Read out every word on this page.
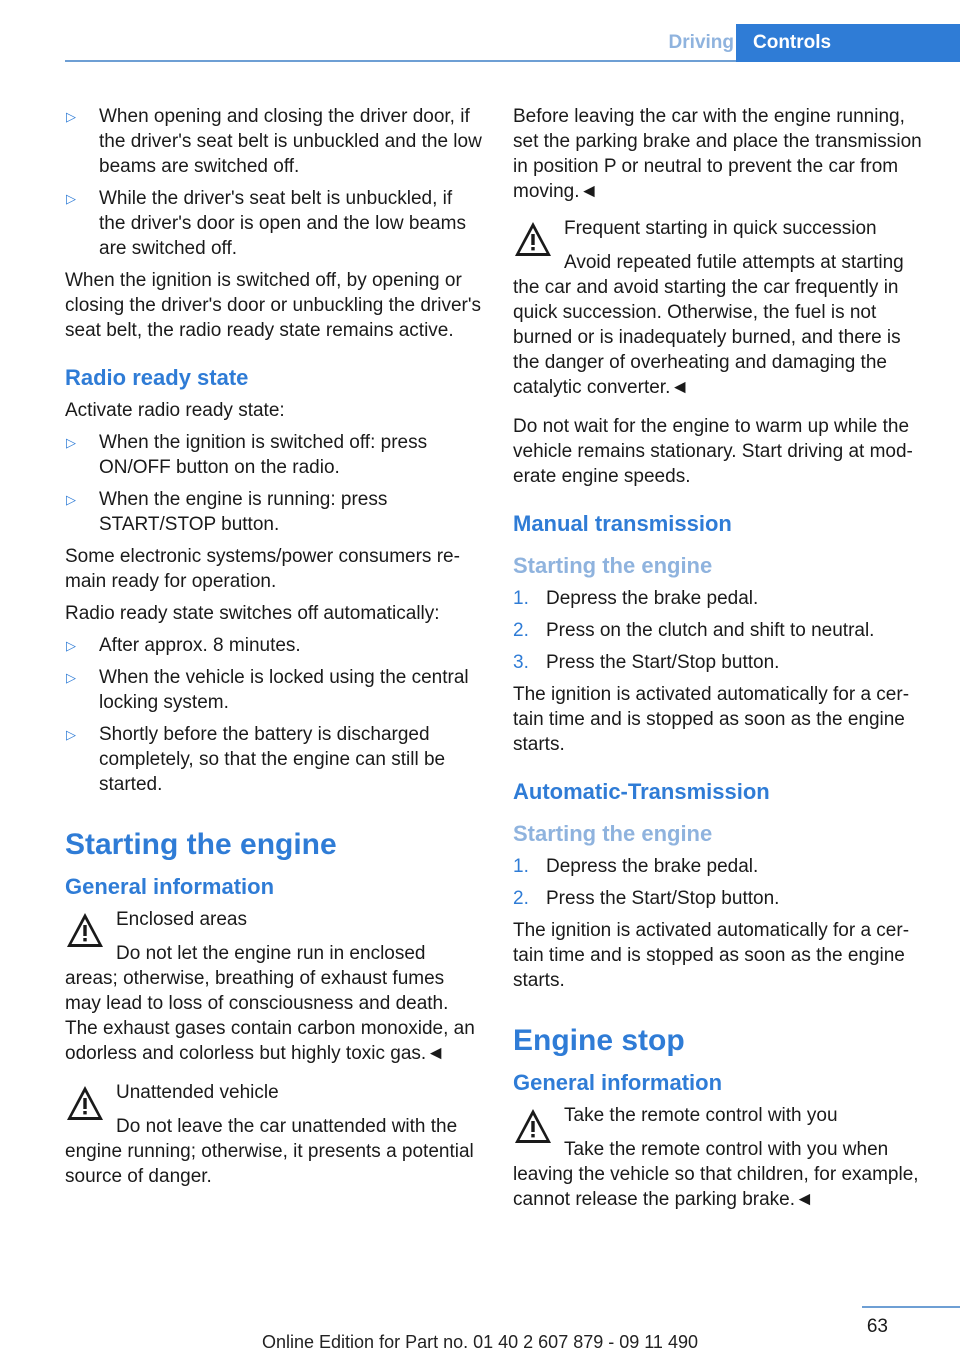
Driving	Controls
▷	When opening and closing the driver door, if the driver's seat belt is unbuckled and the low beams are switched off.
▷	While the driver's seat belt is unbuckled, if the driver's door is open and the low beams are switched off.

When the ignition is switched off, by opening or closing the driver's door or unbuckling the driver's seat belt, the radio ready state remains active.

Radio ready state

Activate radio ready state:

▷	When the ignition is switched off: press ON/OFF button on the radio.
▷	When the engine is running: press START/STOP button.

Some electronic systems/power consumers remain ready for operation.

Radio ready state switches off automatically:

▷	After approx. 8 minutes.
▷	When the vehicle is locked using the central locking system.
▷	Shortly before the battery is discharged completely, so that the engine can still be started.
Starting the engine
General information
Enclosed areas

Do not let the engine run in enclosed areas; otherwise, breathing of exhaust fumes may lead to loss of consciousness and death. The exhaust gases contain carbon monoxide, an odorless and colorless but highly toxic gas.◄

Unattended vehicle

Do not leave the car unattended with the engine running; otherwise, it presents a potential source of danger.

Before leaving the car with the engine running, set the parking brake and place the transmission in position P or neutral to prevent the car from moving.◄

Frequent starting in quick succession

Avoid repeated futile attempts at starting the car and avoid starting the car frequently in quick succession. Otherwise, the fuel is not burned or is inadequately burned, and there is the danger of overheating and damaging the catalytic converter.◄

Do not wait for the engine to warm up while the vehicle remains stationary. Start driving at moderate engine speeds.

Manual transmission
Starting the engine
1. Depress the brake pedal.
2. Press on the clutch and shift to neutral.
3. Press the Start/Stop button.

The ignition is activated automatically for a certain time and is stopped as soon as the engine starts.

Automatic-Transmission
Starting the engine
1. Depress the brake pedal.
2. Press the Start/Stop button.

The ignition is activated automatically for a certain time and is stopped as soon as the engine starts.

Engine stop
General information
Take the remote control with you

Take the remote control with you when leaving the vehicle so that children, for example, cannot release the parking brake.◄

63
Online Edition for Part no. 01 40 2 607 879 - 09 11 490
